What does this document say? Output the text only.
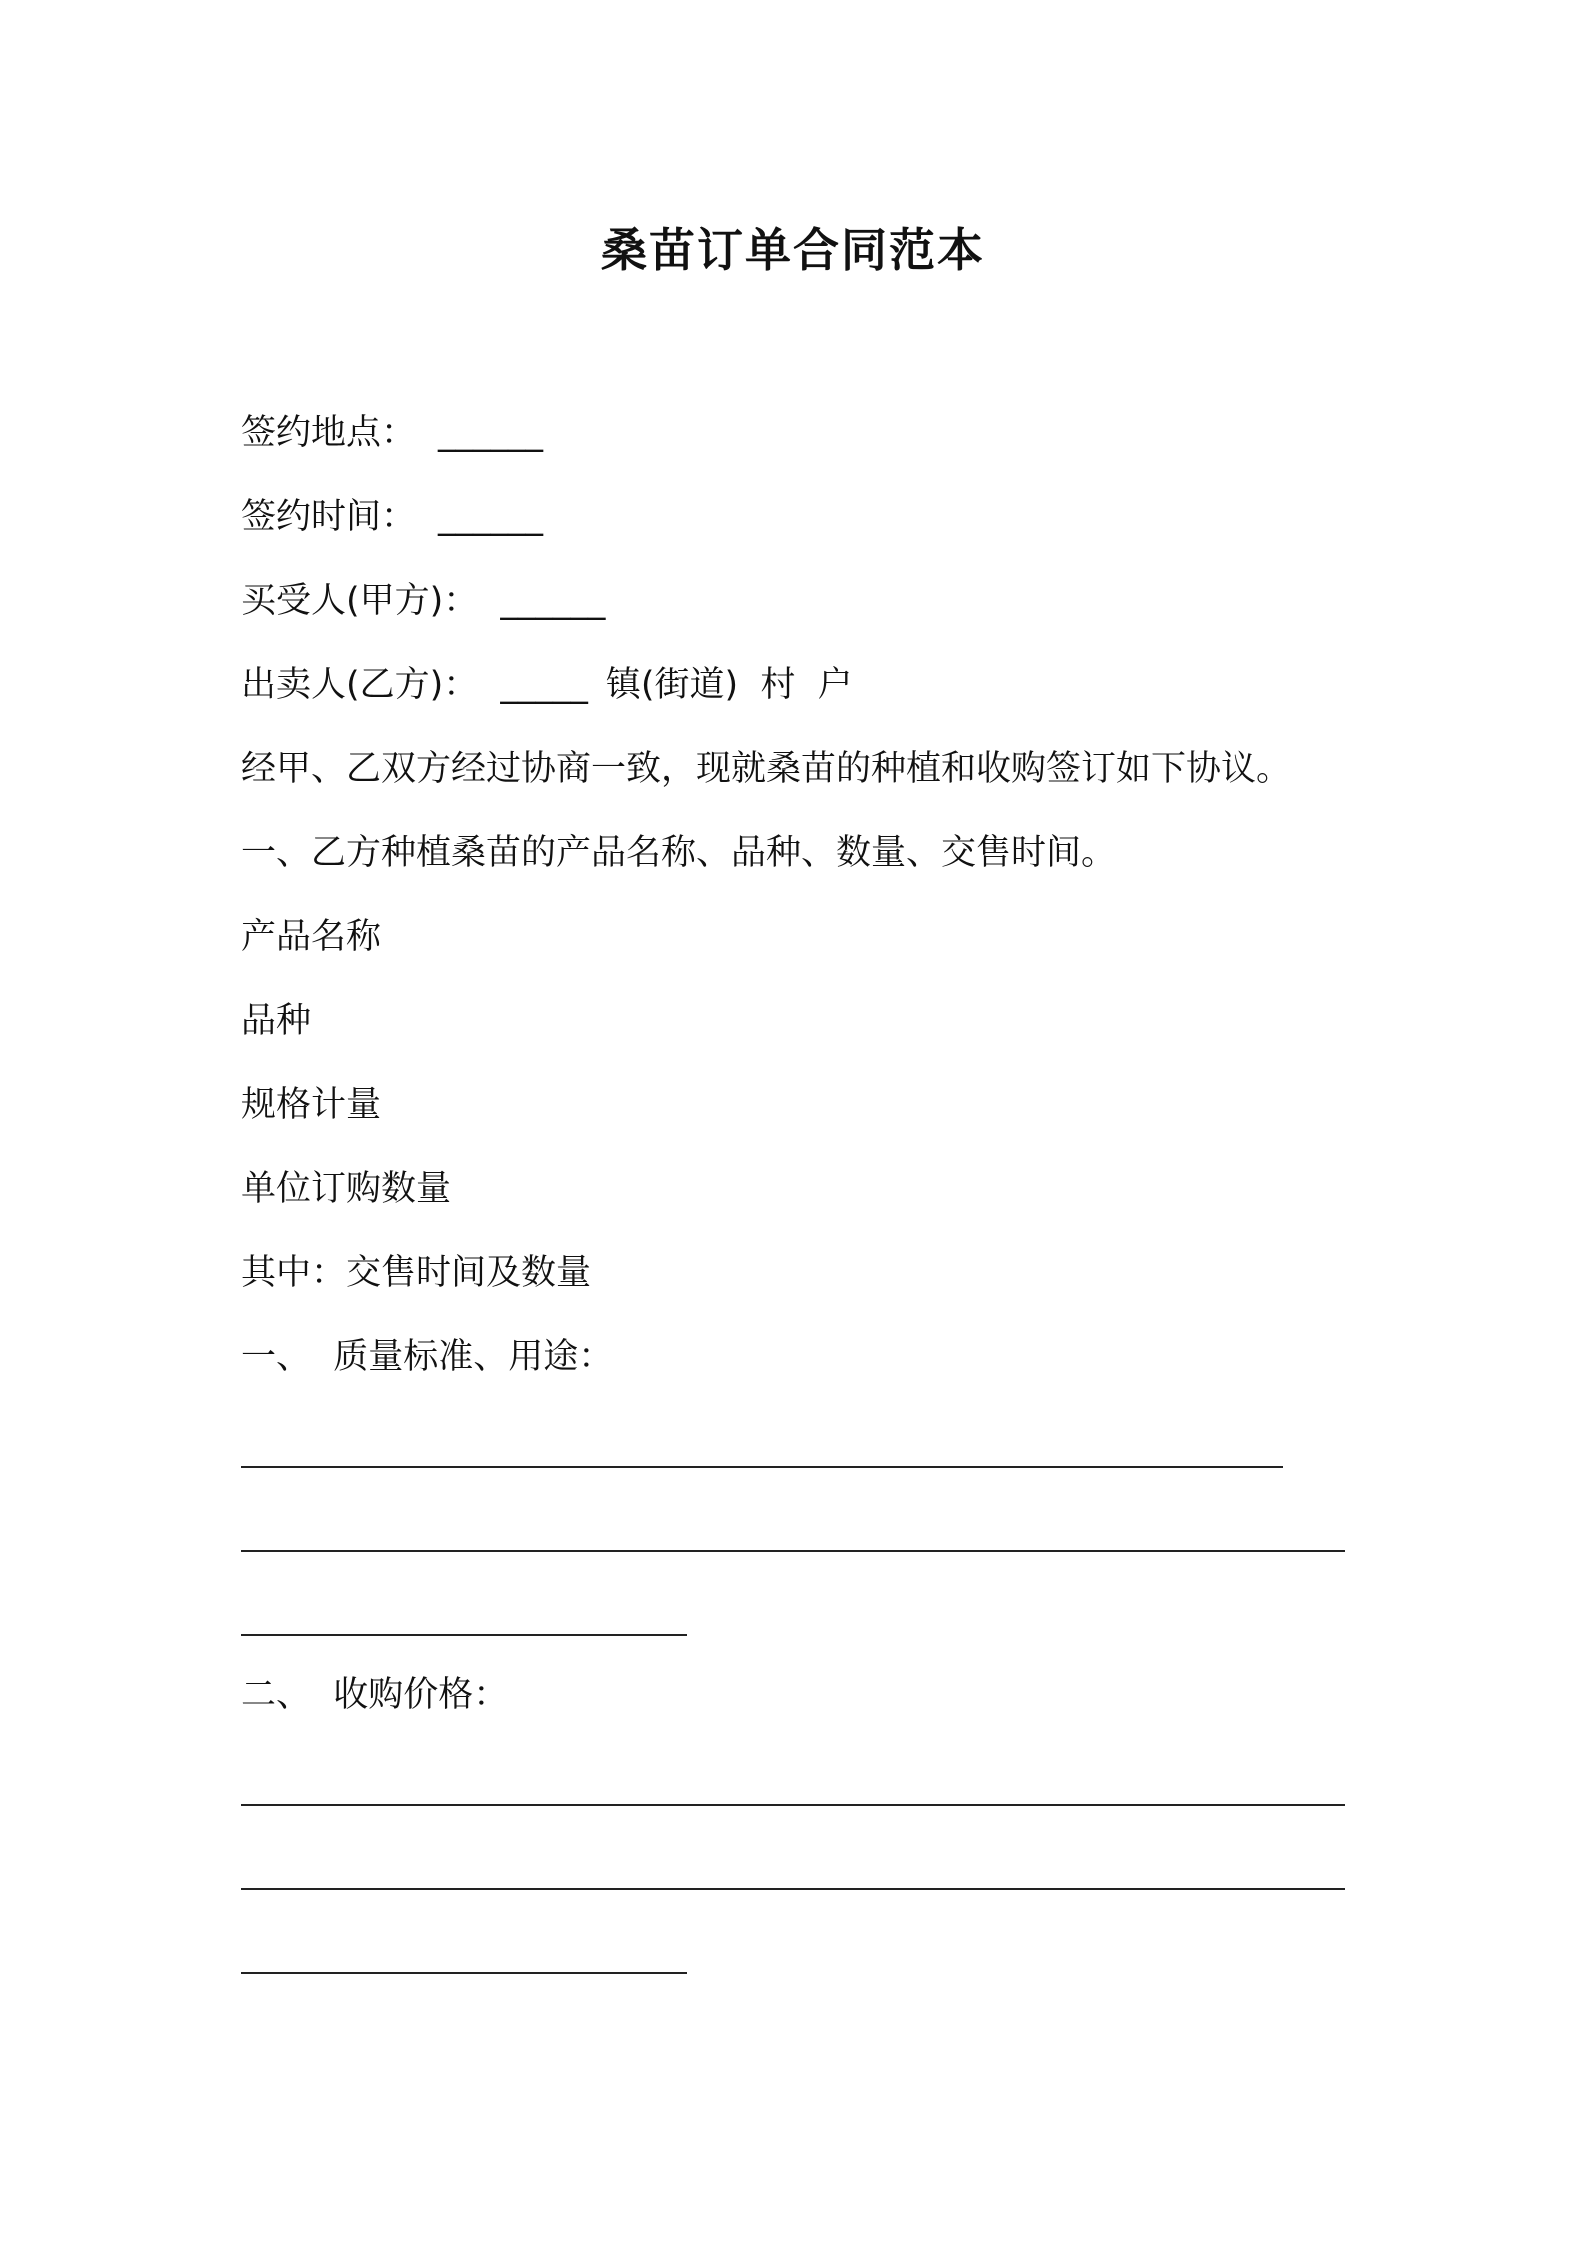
桑苗订单合同范本
签约地点： ______
签约时间： ______
买受人(甲方)： ______
出卖人(乙方)： _____ 镇(街道)  村  户
经甲、乙双方经过协商一致，现就桑苗的种植和收购签订如下协议。
一、乙方种植桑苗的产品名称、品种、数量、交售时间。
产品名称
品种
规格计量
单位订购数量
其中：交售时间及数量
一、  质量标准、用途：
二、  收购价格：
